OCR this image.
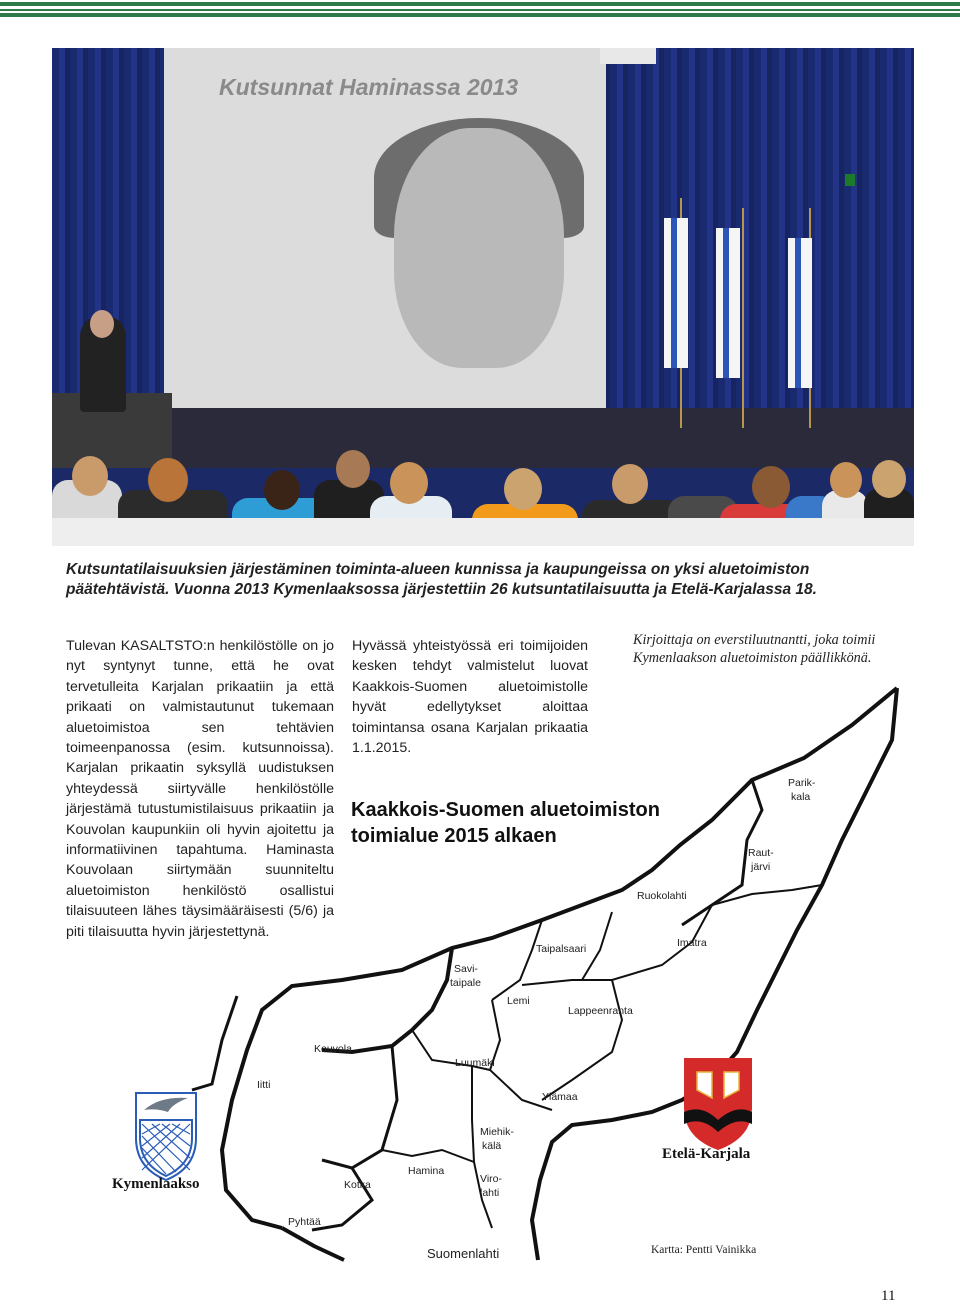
Kutsunnat Haminassa 2013
Kutsuntatilaisuuksien järjestäminen toiminta-alueen kunnissa ja kaupungeissa on yksi aluetoimiston päätehtävistä. Vuonna 2013 Kymenlaaksossa järjestettiin 26 kutsuntatilaisuutta ja Etelä-Karjalassa 18.
Tulevan KASALTSTO:n henkilöstölle on jo nyt syntynyt tunne, että he ovat tervetulleita Karjalan prikaatiin ja että prikaati on valmistautunut tukemaan aluetoimistoa sen tehtävien toimeenpanossa (esim. kutsunnoissa). Karjalan prikaatin syksyllä uudistuksen yhteydessä siirtyvälle henkilöstölle järjestämä tutustumistilaisuus prikaatiin ja Kouvolan kaupunkiin oli hyvin ajoitettu ja informatiivinen tapahtuma. Haminasta Kouvolaan siirtymään suunniteltu aluetoimiston henkilöstö osallistui tilaisuuteen lähes täysimääräisesti (5/6) ja piti tilaisuutta hyvin järjestettynä.
Hyvässä yhteistyössä eri toimijoiden kesken tehdyt valmistelut luovat Kaakkois-Suomen aluetoimistolle hyvät edellytykset aloittaa toimintansa osana Karjalan prikaatia 1.1.2015.
Kirjoittaja on everstiluutnantti, joka toimii Kymenlaakson aluetoimiston päällikkönä.
Parik-
kala
Raut-
järvi
Ruokolahti
Imatra
Taipalsaari
Savi-
taipale
Lemi
Lappeenranta
Kouvola
Luumäki
Iitti
Ylämaa
Miehik-
kälä
Hamina
Viro-
lahti
Kotka
Pyhtää
Suomenlahti
Kymenlaakso
Etelä-Karjala
Kaakkois-Suomen aluetoimiston toimialue 2015 alkaen
Kartta: Pentti Vainikka
11
